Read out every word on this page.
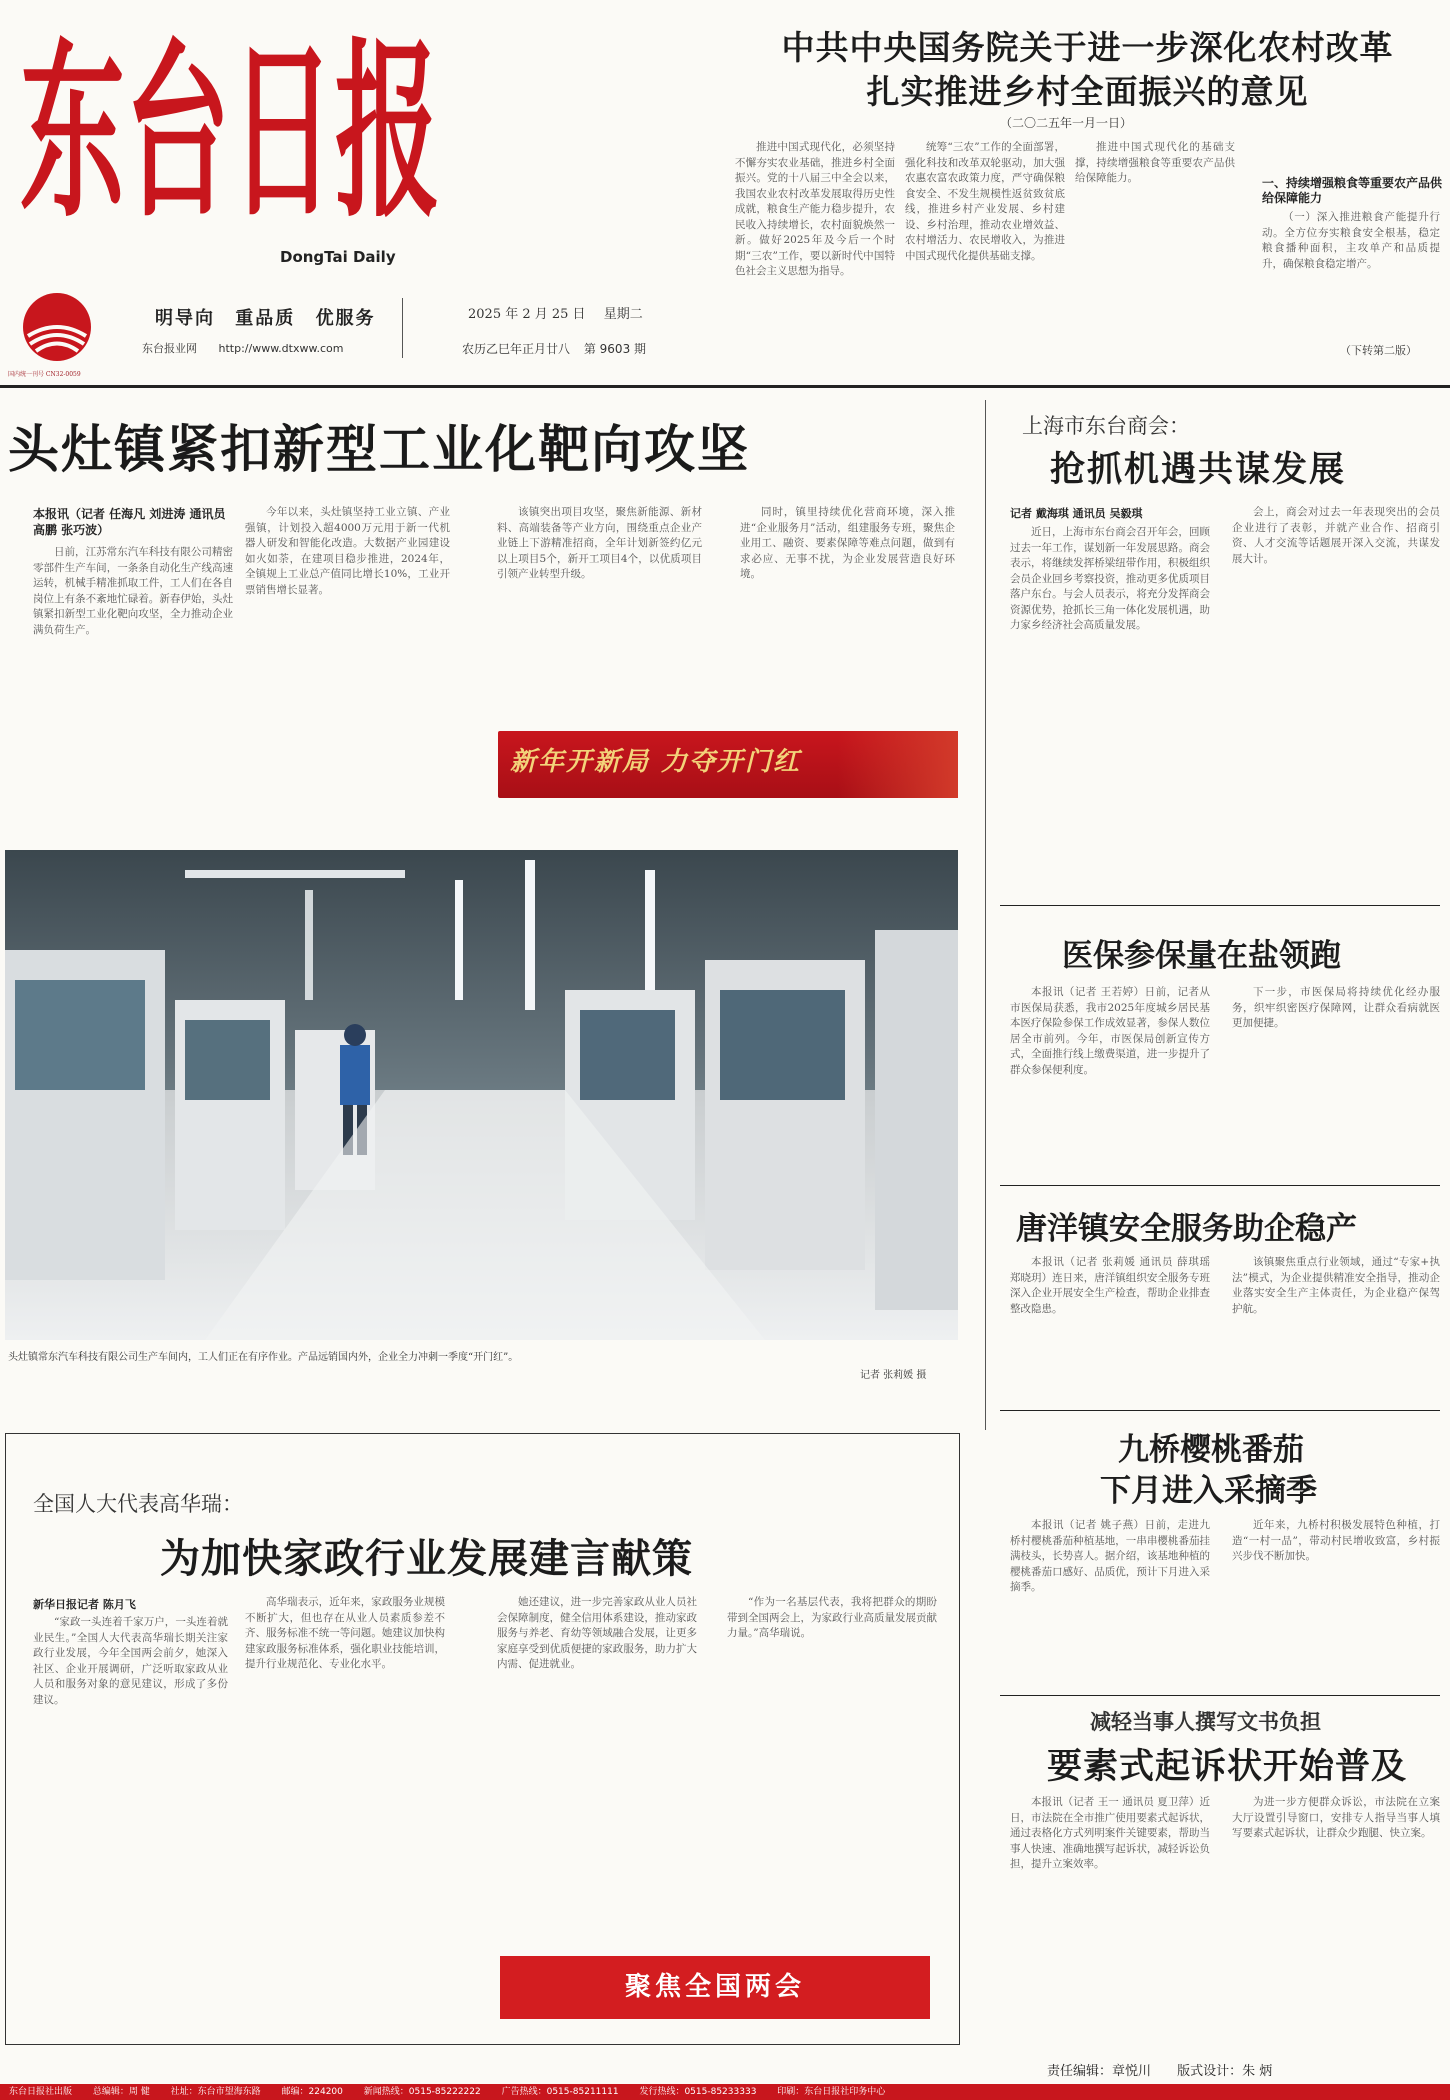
东台日报
DongTai Daily
国内统一刊号 CN32-0059
明导向 重品质 优服务
东台报业网 http://www.dtxww.com
2025 年 2 月 25 日 星期二
农历乙巳年正月廿八 第 9603 期
中共中央国务院关于进一步深化农村改革
扎实推进乡村全面振兴的意见
（二〇二五年一月一日）

推进中国式现代化，必须坚持不懈夯实农业基础，推进乡村全面振兴。党的十八届三中全会以来，我国农业农村改革发展取得历史性成就，粮食生产能力稳步提升，农民收入持续增长，农村面貌焕然一新。做好2025年及今后一个时期“三农”工作，要以新时代中国特色社会主义思想为指导。

统筹“三农”工作的全面部署，强化科技和改革双轮驱动，加大强农惠农富农政策力度，严守确保粮食安全、不发生规模性返贫致贫底线，推进乡村产业发展、乡村建设、乡村治理，推动农业增效益、农村增活力、农民增收入，为推进中国式现代化提供基础支撑。

推进中国式现代化的基础支撑，持续增强粮食等重要农产品供给保障能力。	一、持续增强粮食等重要农产品供给保障能力

（一）深入推进粮食产能提升行动。全方位夯实粮食安全根基，稳定粮食播种面积，主攻单产和品质提升，确保粮食稳定增产。

（下转第二版）
头灶镇紧扣新型工业化靶向攻坚
本报讯（记者 任海凡 刘进涛 通讯员 高鹏 张巧波）

日前，江苏常东汽车科技有限公司精密零部件生产车间，一条条自动化生产线高速运转，机械手精准抓取工件，工人们在各自岗位上有条不紊地忙碌着。新春伊始，头灶镇紧扣新型工业化靶向攻坚，全力推动企业满负荷生产。

今年以来，头灶镇坚持工业立镇、产业强镇，计划投入超4000万元用于新一代机器人研发和智能化改造。大数据产业园建设如火如荼，在建项目稳步推进，2024年，全镇规上工业总产值同比增长10%，工业开票销售增长显著。

该镇突出项目攻坚，聚焦新能源、新材料、高端装备等产业方向，围绕重点企业产业链上下游精准招商，全年计划新签约亿元以上项目5个，新开工项目4个，以优质项目引领产业转型升级。

同时，镇里持续优化营商环境，深入推进“企业服务月”活动，组建服务专班，聚焦企业用工、融资、要素保障等难点问题，做到有求必应、无事不扰，为企业发展营造良好环境。

新年开新局 力夺开门红
头灶镇常东汽车科技有限公司生产车间内，工人们正在有序作业。产品远销国内外，企业全力冲刺一季度“开门红”。
记者 张莉媛 摄
上海市东台商会：
抢抓机遇共谋发展
记者 戴海琪 通讯员 吴毅琪

近日，上海市东台商会召开年会，回顾过去一年工作，谋划新一年发展思路。商会表示，将继续发挥桥梁纽带作用，积极组织会员企业回乡考察投资，推动更多优质项目落户东台。与会人员表示，将充分发挥商会资源优势，抢抓长三角一体化发展机遇，助力家乡经济社会高质量发展。

会上，商会对过去一年表现突出的会员企业进行了表彰，并就产业合作、招商引资、人才交流等话题展开深入交流，共谋发展大计。

医保参保量在盐领跑

本报讯（记者 王若婷）日前，记者从市医保局获悉，我市2025年度城乡居民基本医疗保险参保工作成效显著，参保人数位居全市前列。今年，市医保局创新宣传方式，全面推行线上缴费渠道，进一步提升了群众参保便利度。

下一步，市医保局将持续优化经办服务，织牢织密医疗保障网，让群众看病就医更加便捷。

唐洋镇安全服务助企稳产

本报讯（记者 张莉媛 通讯员 薛琪瑶 郑晓玥）连日来，唐洋镇组织安全服务专班深入企业开展安全生产检查，帮助企业排查整改隐患。

该镇聚焦重点行业领域，通过“专家+执法”模式，为企业提供精准安全指导，推动企业落实安全生产主体责任，为企业稳产保驾护航。

九桥樱桃番茄
下月进入采摘季

本报讯（记者 姚子燕）日前，走进九桥村樱桃番茄种植基地，一串串樱桃番茄挂满枝头，长势喜人。据介绍，该基地种植的樱桃番茄口感好、品质优，预计下月进入采摘季。

近年来，九桥村积极发展特色种植，打造“一村一品”，带动村民增收致富，乡村振兴步伐不断加快。

减轻当事人撰写文书负担
要素式起诉状开始普及

本报讯（记者 王一 通讯员 夏卫萍）近日，市法院在全市推广使用要素式起诉状，通过表格化方式列明案件关键要素，帮助当事人快速、准确地撰写起诉状，减轻诉讼负担，提升立案效率。

为进一步方便群众诉讼，市法院在立案大厅设置引导窗口，安排专人指导当事人填写要素式起诉状，让群众少跑腿、快立案。

全国人大代表高华瑞：
为加快家政行业发展建言献策
新华日报记者 陈月飞

“家政一头连着千家万户，一头连着就业民生。”全国人大代表高华瑞长期关注家政行业发展，今年全国两会前夕，她深入社区、企业开展调研，广泛听取家政从业人员和服务对象的意见建议，形成了多份建议。

高华瑞表示，近年来，家政服务业规模不断扩大，但也存在从业人员素质参差不齐、服务标准不统一等问题。她建议加快构建家政服务标准体系，强化职业技能培训，提升行业规范化、专业化水平。

她还建议，进一步完善家政从业人员社会保障制度，健全信用体系建设，推动家政服务与养老、育幼等领域融合发展，让更多家庭享受到优质便捷的家政服务，助力扩大内需、促进就业。

“作为一名基层代表，我将把群众的期盼带到全国两会上，为家政行业高质量发展贡献力量。”高华瑞说。

聚焦全国两会
责任编辑：章悦川 版式设计：朱 炳
东台日报社出版 总编辑：周 健 社址：东台市望海东路 邮编：224200 新闻热线：0515-85222222 广告热线：0515-85211111 发行热线：0515-85233333 印刷：东台日报社印务中心
